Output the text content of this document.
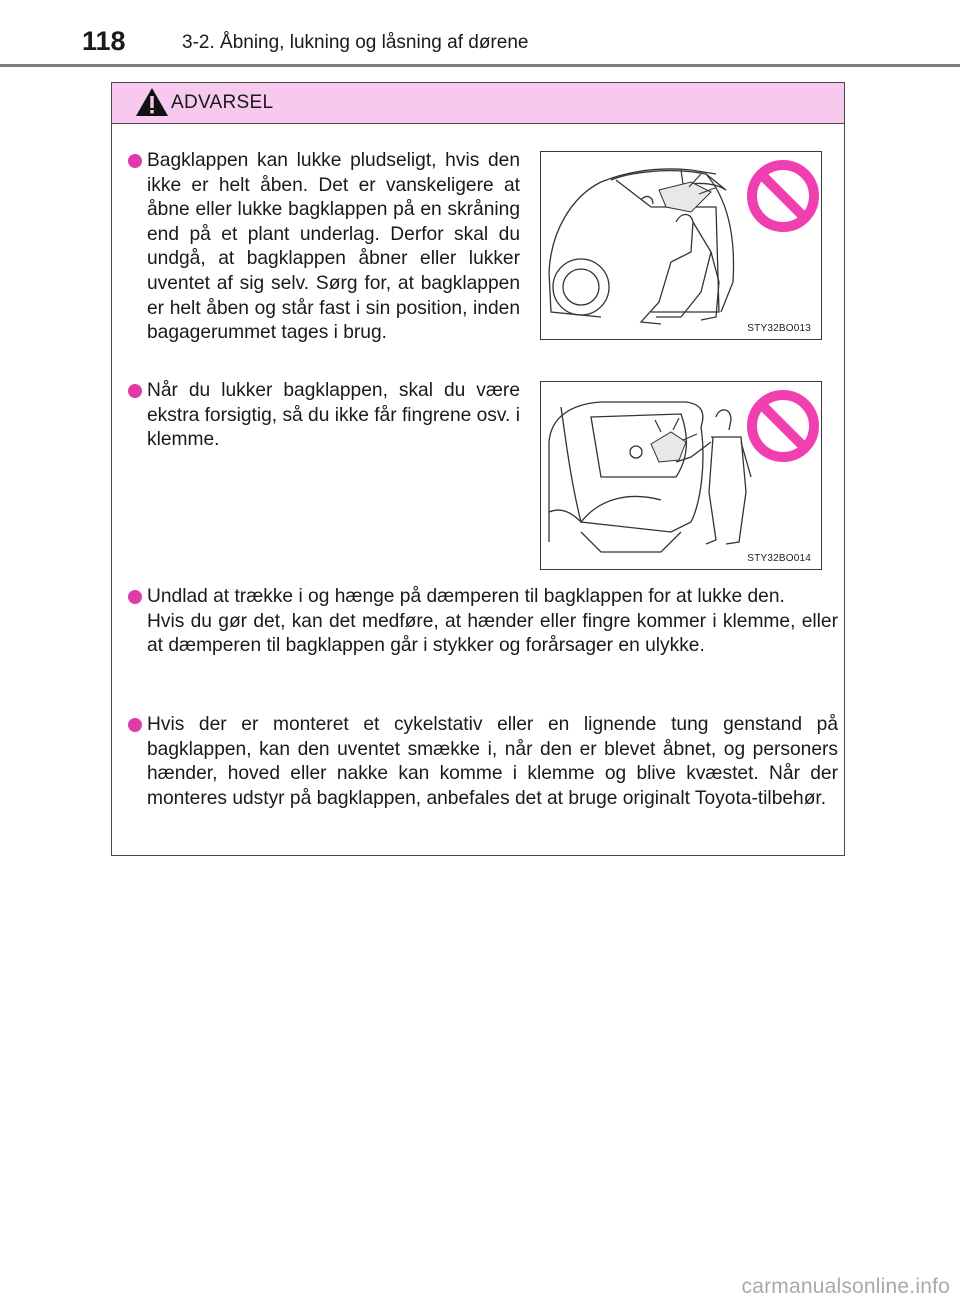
118	3-2. Åbning, lukning og låsning af dørene
ADVARSEL

Bagklappen kan lukke pludseligt, hvis den ikke er helt åben. Det er vanskeligere at åbne eller lukke bagklappen på en skråning end på et plant underlag. Derfor skal du undgå, at bagklappen åbner eller lukker uventet af sig selv. Sørg for, at bagklappen er helt åben og står fast i sin position, inden bagagerummet tages i brug.	STY32BO013

Når du lukker bagklappen, skal du være ekstra forsigtig, så du ikke får fingrene osv. i klemme.

STY32BO014

Undlad at trække i og hænge på dæmperen til bagklappen for at lukke den.

Hvis du gør det, kan det medføre, at hænder eller fingre kommer i klemme, eller at dæmperen til bagklappen går i stykker og forårsager en ulykke.

Hvis der er monteret et cykelstativ eller en lignende tung genstand på bagklappen, kan den uventet smække i, når den er blevet åbnet, og personers hænder, hoved eller nakke kan komme i klemme og blive kvæstet. Når der monteres udstyr på bagklappen, anbefales det at bruge originalt Toyota-tilbehør.

carmanualsonline.info
